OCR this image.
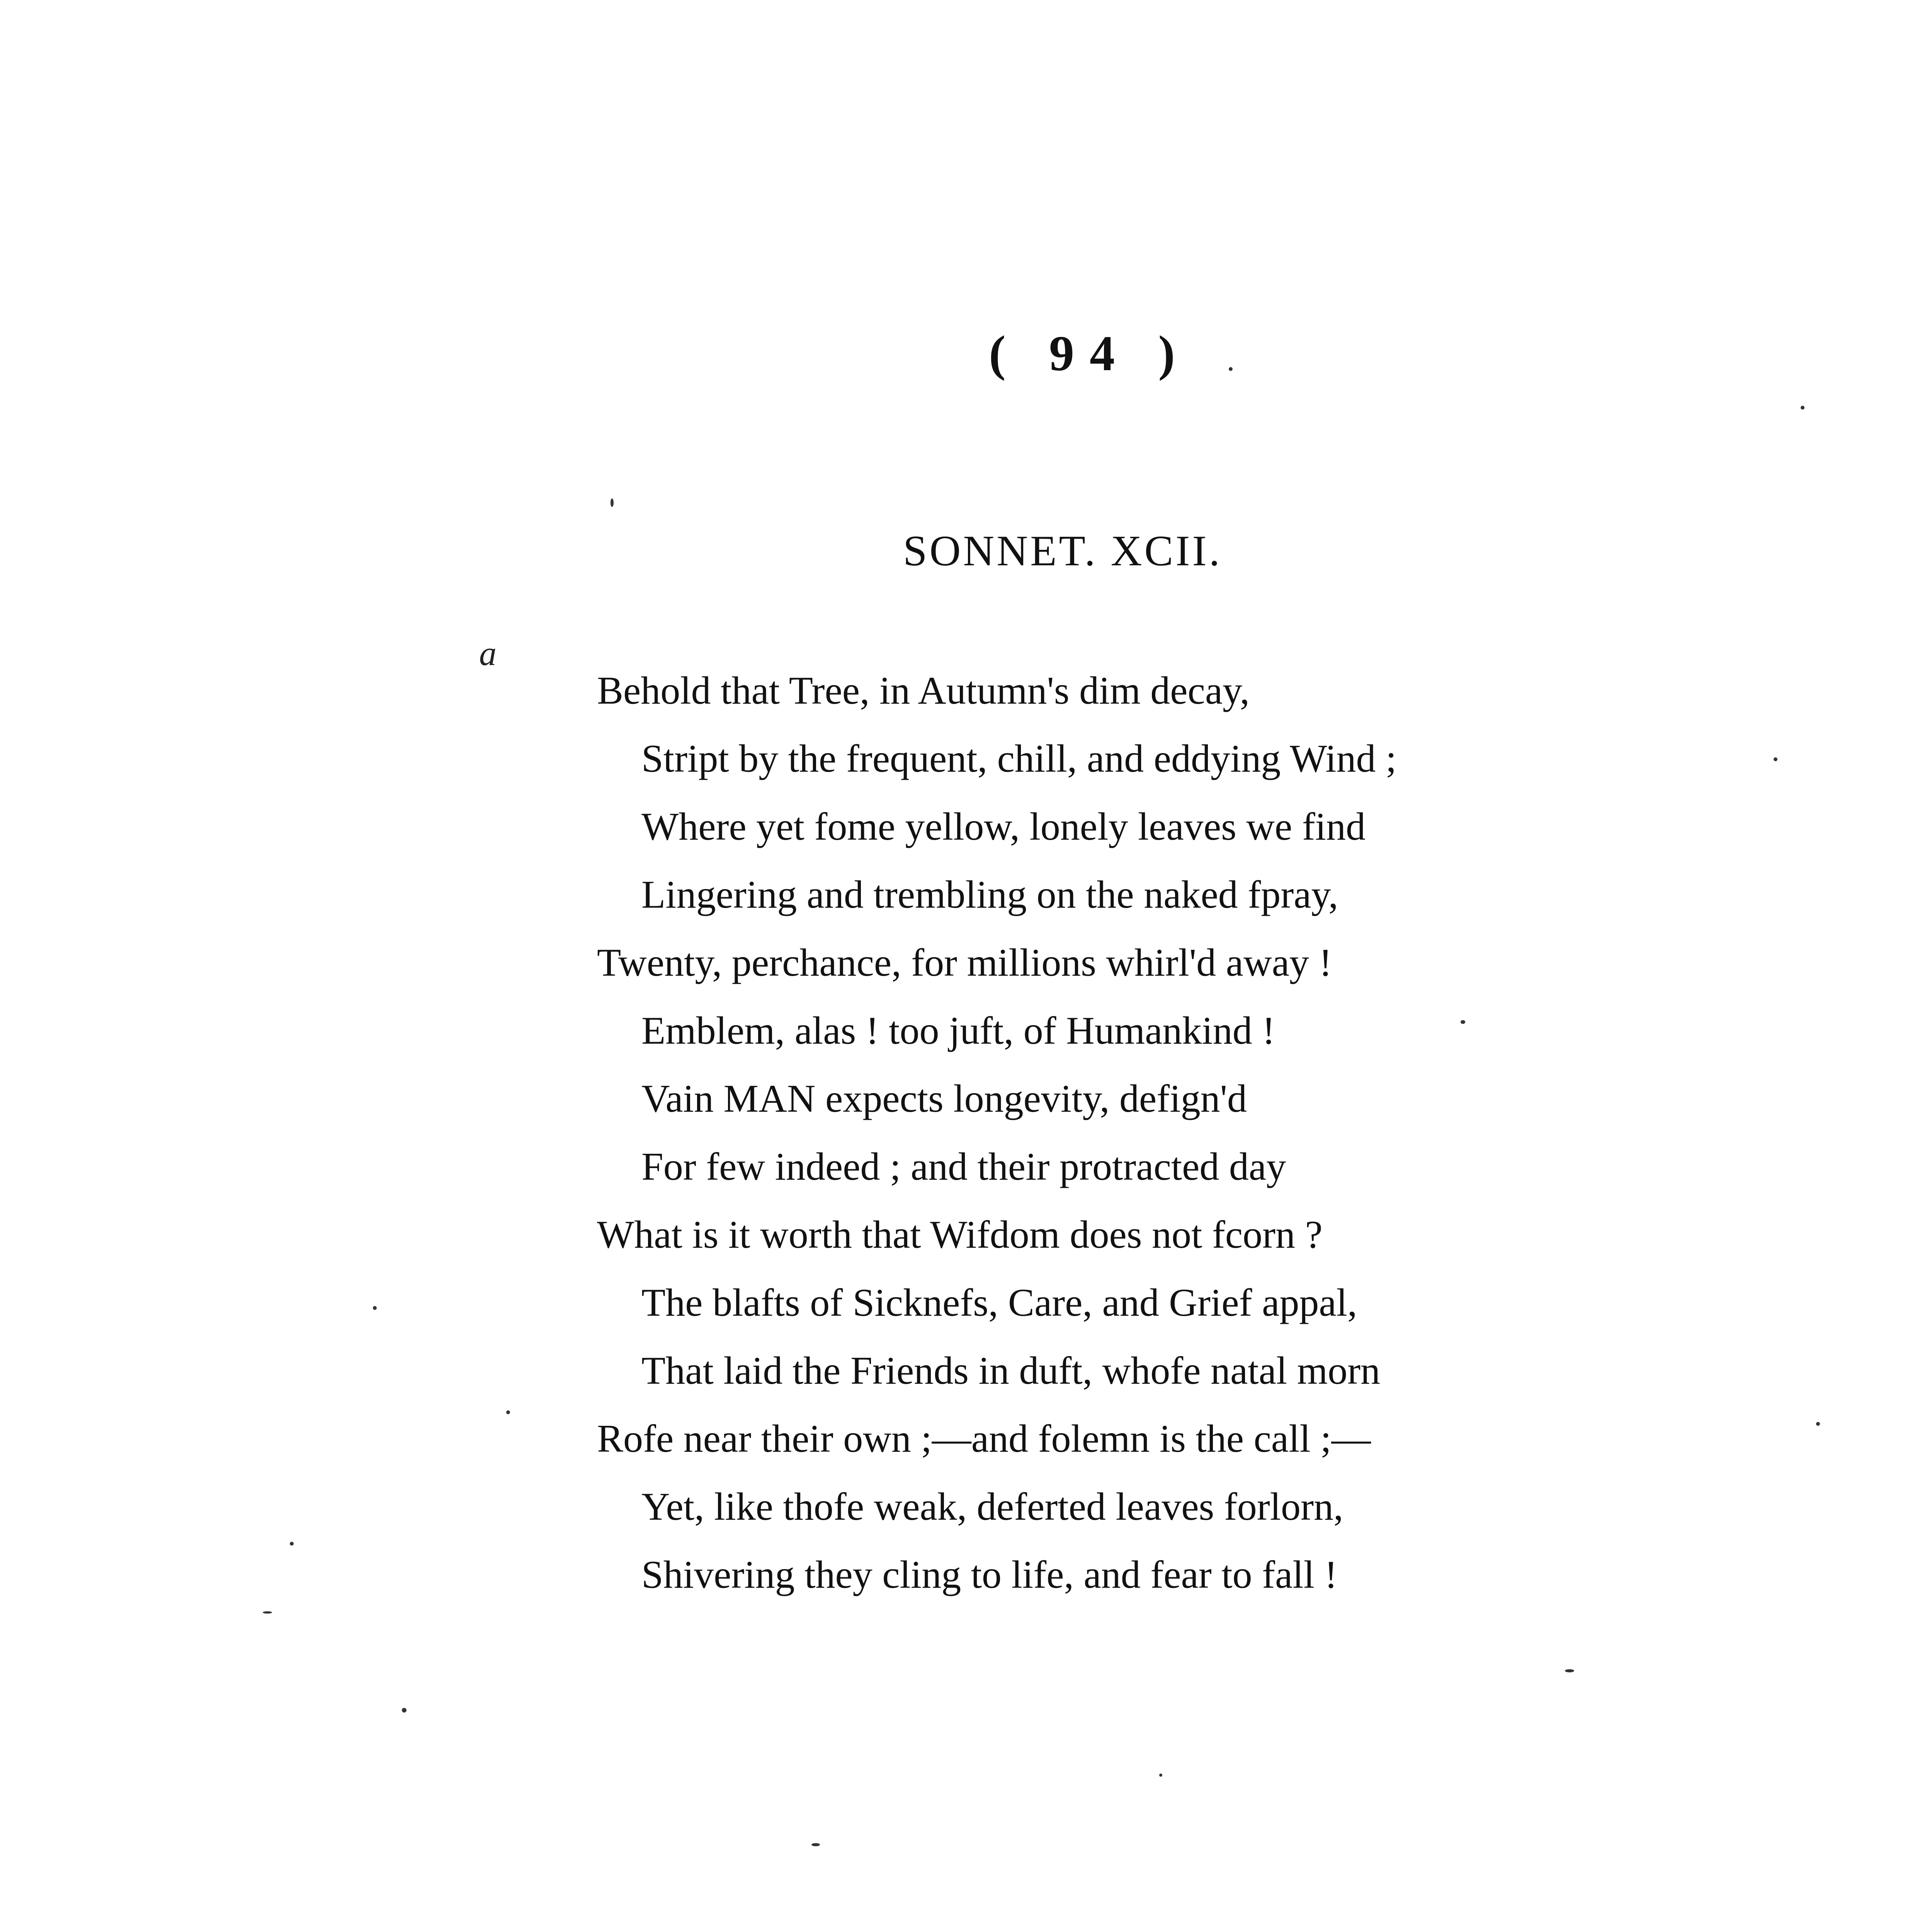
( 94 )
a
SONNET. XCII.
Behold that Tree, in Autumn's dim decay,
Stript by the frequent, chill, and eddying Wind ;
Where yet fome yellow, lonely leaves we find
Lingering and trembling on the naked fpray,
Twenty, perchance, for millions whirl'd away !
Emblem, alas ! too juft, of Humankind !
Vain MAN expects longevity, defign'd
For few indeed ; and their protracted day
What is it worth that Wifdom does not fcorn ?
The blafts of Sicknefs, Care, and Grief appal,
That laid the Friends in duft, whofe natal morn
Rofe near their own ;—and folemn is the call ;—
Yet, like thofe weak, deferted leaves forlorn,
Shivering they cling to life, and fear to fall !
